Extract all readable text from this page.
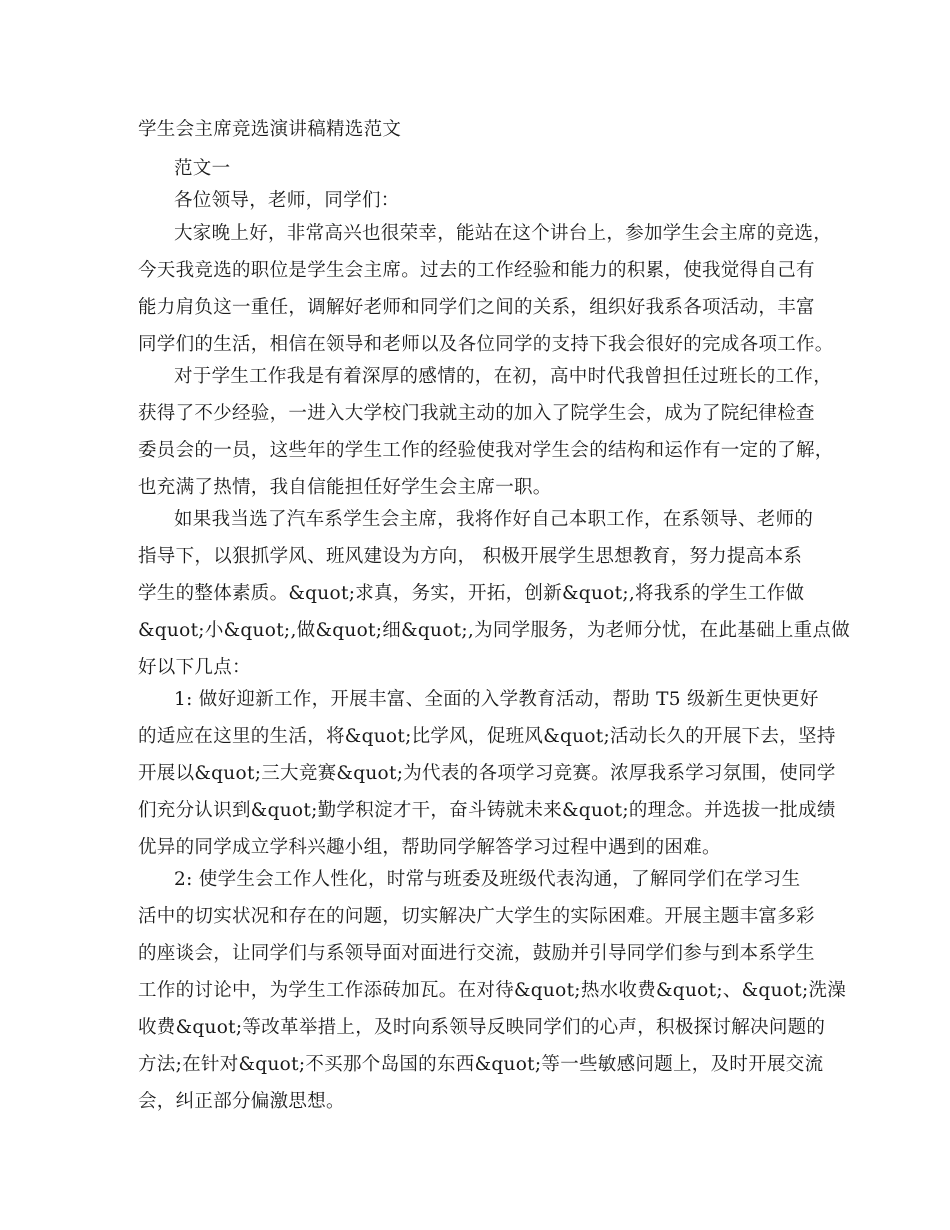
学生会主席竞选演讲稿精选范文
范文一
各位领导，老师，同学们：
大家晚上好，非常高兴也很荣幸，能站在这个讲台上，参加学生会主席的竞选，
今天我竞选的职位是学生会主席。过去的工作经验和能力的积累，使我觉得自己有
能力肩负这一重任，调解好老师和同学们之间的关系，组织好我系各项活动，丰富
同学们的生活，相信在领导和老师以及各位同学的支持下我会很好的完成各项工作。
对于学生工作我是有着深厚的感情的，在初，高中时代我曾担任过班长的工作，
获得了不少经验，一进入大学校门我就主动的加入了院学生会，成为了院纪律检查
委员会的一员，这些年的学生工作的经验使我对学生会的结构和运作有一定的了解，
也充满了热情，我自信能担任好学生会主席一职。
如果我当选了汽车系学生会主席，我将作好自己本职工作，在系领导、老师的
指导下，以狠抓学风、班风建设为方向， 积极开展学生思想教育，努力提高本系
学生的整体素质。&quot;求真，务实，开拓，创新&quot;,将我系的学生工作做
&quot;小&quot;,做&quot;细&quot;,为同学服务，为老师分忧，在此基础上重点做
好以下几点：
1: 做好迎新工作，开展丰富、全面的入学教育活动，帮助 T5 级新生更快更好
的适应在这里的生活，将&quot;比学风，促班风&quot;活动长久的开展下去，坚持
开展以&quot;三大竞赛&quot;为代表的各项学习竞赛。浓厚我系学习氛围，使同学
们充分认识到&quot;勤学积淀才干，奋斗铸就未来&quot;的理念。并选拔一批成绩
优异的同学成立学科兴趣小组，帮助同学解答学习过程中遇到的困难。
2: 使学生会工作人性化，时常与班委及班级代表沟通，了解同学们在学习生
活中的切实状况和存在的问题，切实解决广大学生的实际困难。开展主题丰富多彩
的座谈会，让同学们与系领导面对面进行交流，鼓励并引导同学们参与到本系学生
工作的讨论中，为学生工作添砖加瓦。在对待&quot;热水收费&quot;、&quot;洗澡
收费&quot;等改革举措上，及时向系领导反映同学们的心声，积极探讨解决问题的
方法;在针对&quot;不买那个岛国的东西&quot;等一些敏感问题上，及时开展交流
会，纠正部分偏激思想。
